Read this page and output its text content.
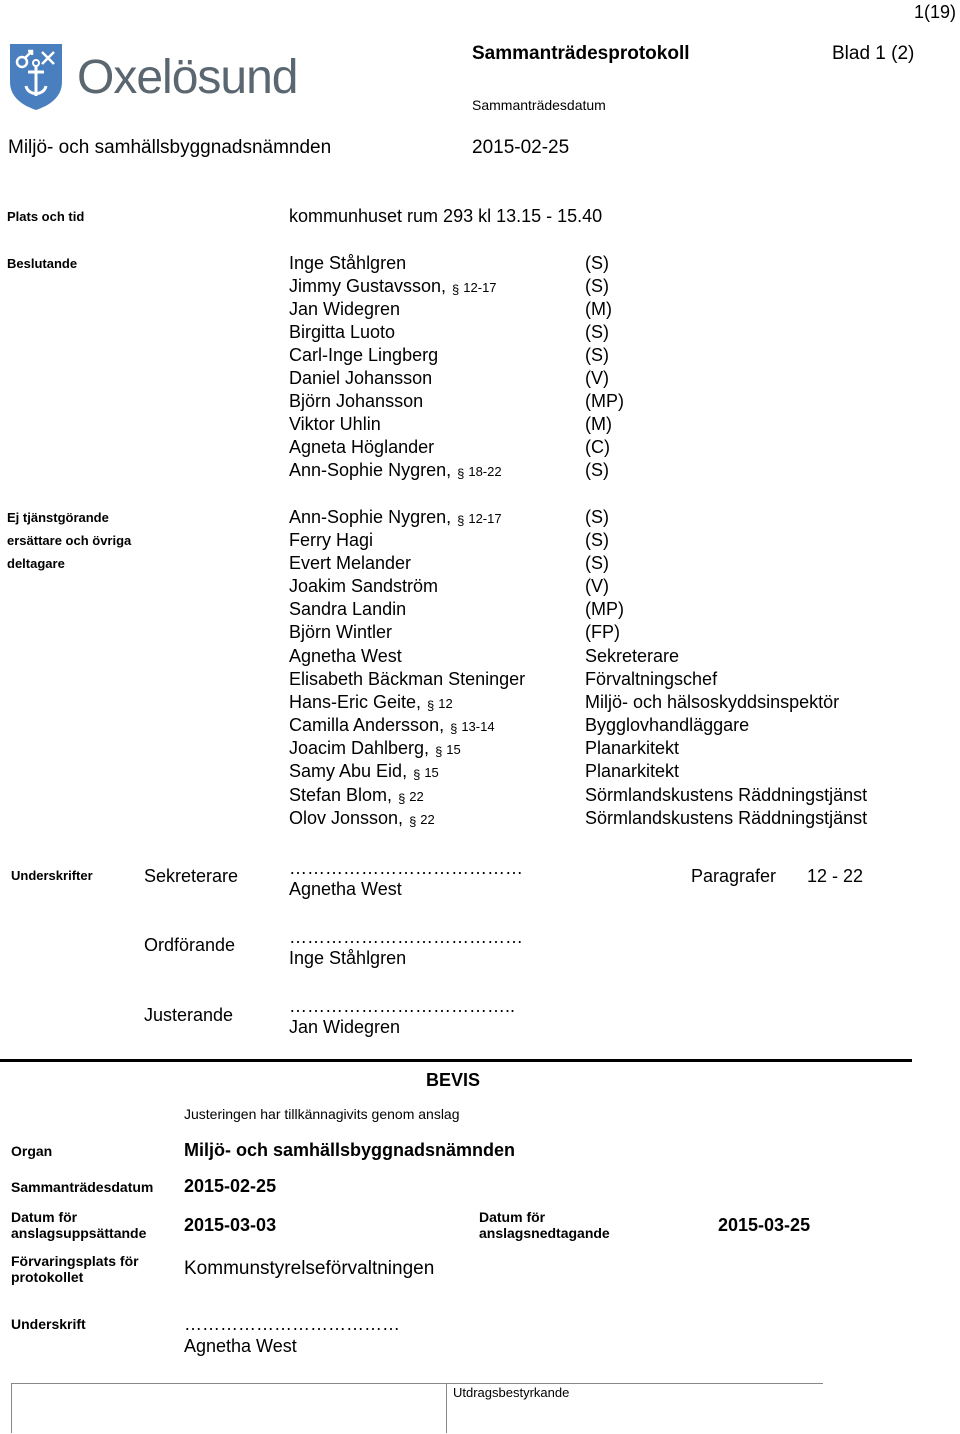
1(19)
Oxelösund	Sammanträdesprotokoll	Blad 1 (2)
Sammanträdesdatum
Miljö- och samhällsbyggnadsnämnden	2015-02-25
Plats och tid	kommunhuset rum 293 kl 13.15 - 15.40
Beslutande	Inge Ståhlgren	(S)
Jimmy Gustavsson, § 12-17	(S)
Jan Widegren	(M)
Birgitta Luoto	(S)
Carl-Inge Lingberg	(S)
Daniel Johansson	(V)
Björn Johansson	(MP)
Viktor Uhlin	(M)
Agneta Höglander	(C)
Ann-Sophie Nygren, § 18-22	(S)
Ej tjänstgörande
ersättare och övriga
deltagare
Ann-Sophie Nygren, § 12-17	(S)
Ferry Hagi	(S)
Evert Melander	(S)
Joakim Sandström	(V)
Sandra Landin	(MP)
Björn Wintler	(FP)
Agnetha West	Sekreterare
Elisabeth Bäckman Steninger	Förvaltningschef
Hans-Eric Geite, § 12	Miljö- och hälsoskyddsinspektör
Camilla Andersson, § 13-14	Bygglovhandläggare
Joacim Dahlberg, § 15	Planarkitekt
Samy Abu Eid, § 15	Planarkitekt
Stefan Blom, § 22	Sörmlandskustens Räddningstjänst
Olov Jonsson, § 22	Sörmlandskustens Räddningstjänst
Underskrifter	Sekreterare	…………………………………
Agnetha West
Paragrafer 12 - 22
Ordförande	…………………………………
Inge Ståhlgren
Justerande	………………………………..
Jan Widegren
BEVIS
Justeringen har tillkännagivits genom anslag
Organ	Miljö- och samhällsbyggnadsnämnden
Sammanträdesdatum 2015-02-25
Datum för
anslagsuppsättande 2015-03-03	Datum för
anslagsnedtagande	2015-03-25
Förvaringsplats för
protokollet	Kommunstyrelseförvaltningen
Underskrift	………………………………
Agnetha West
Utdragsbestyrkande
